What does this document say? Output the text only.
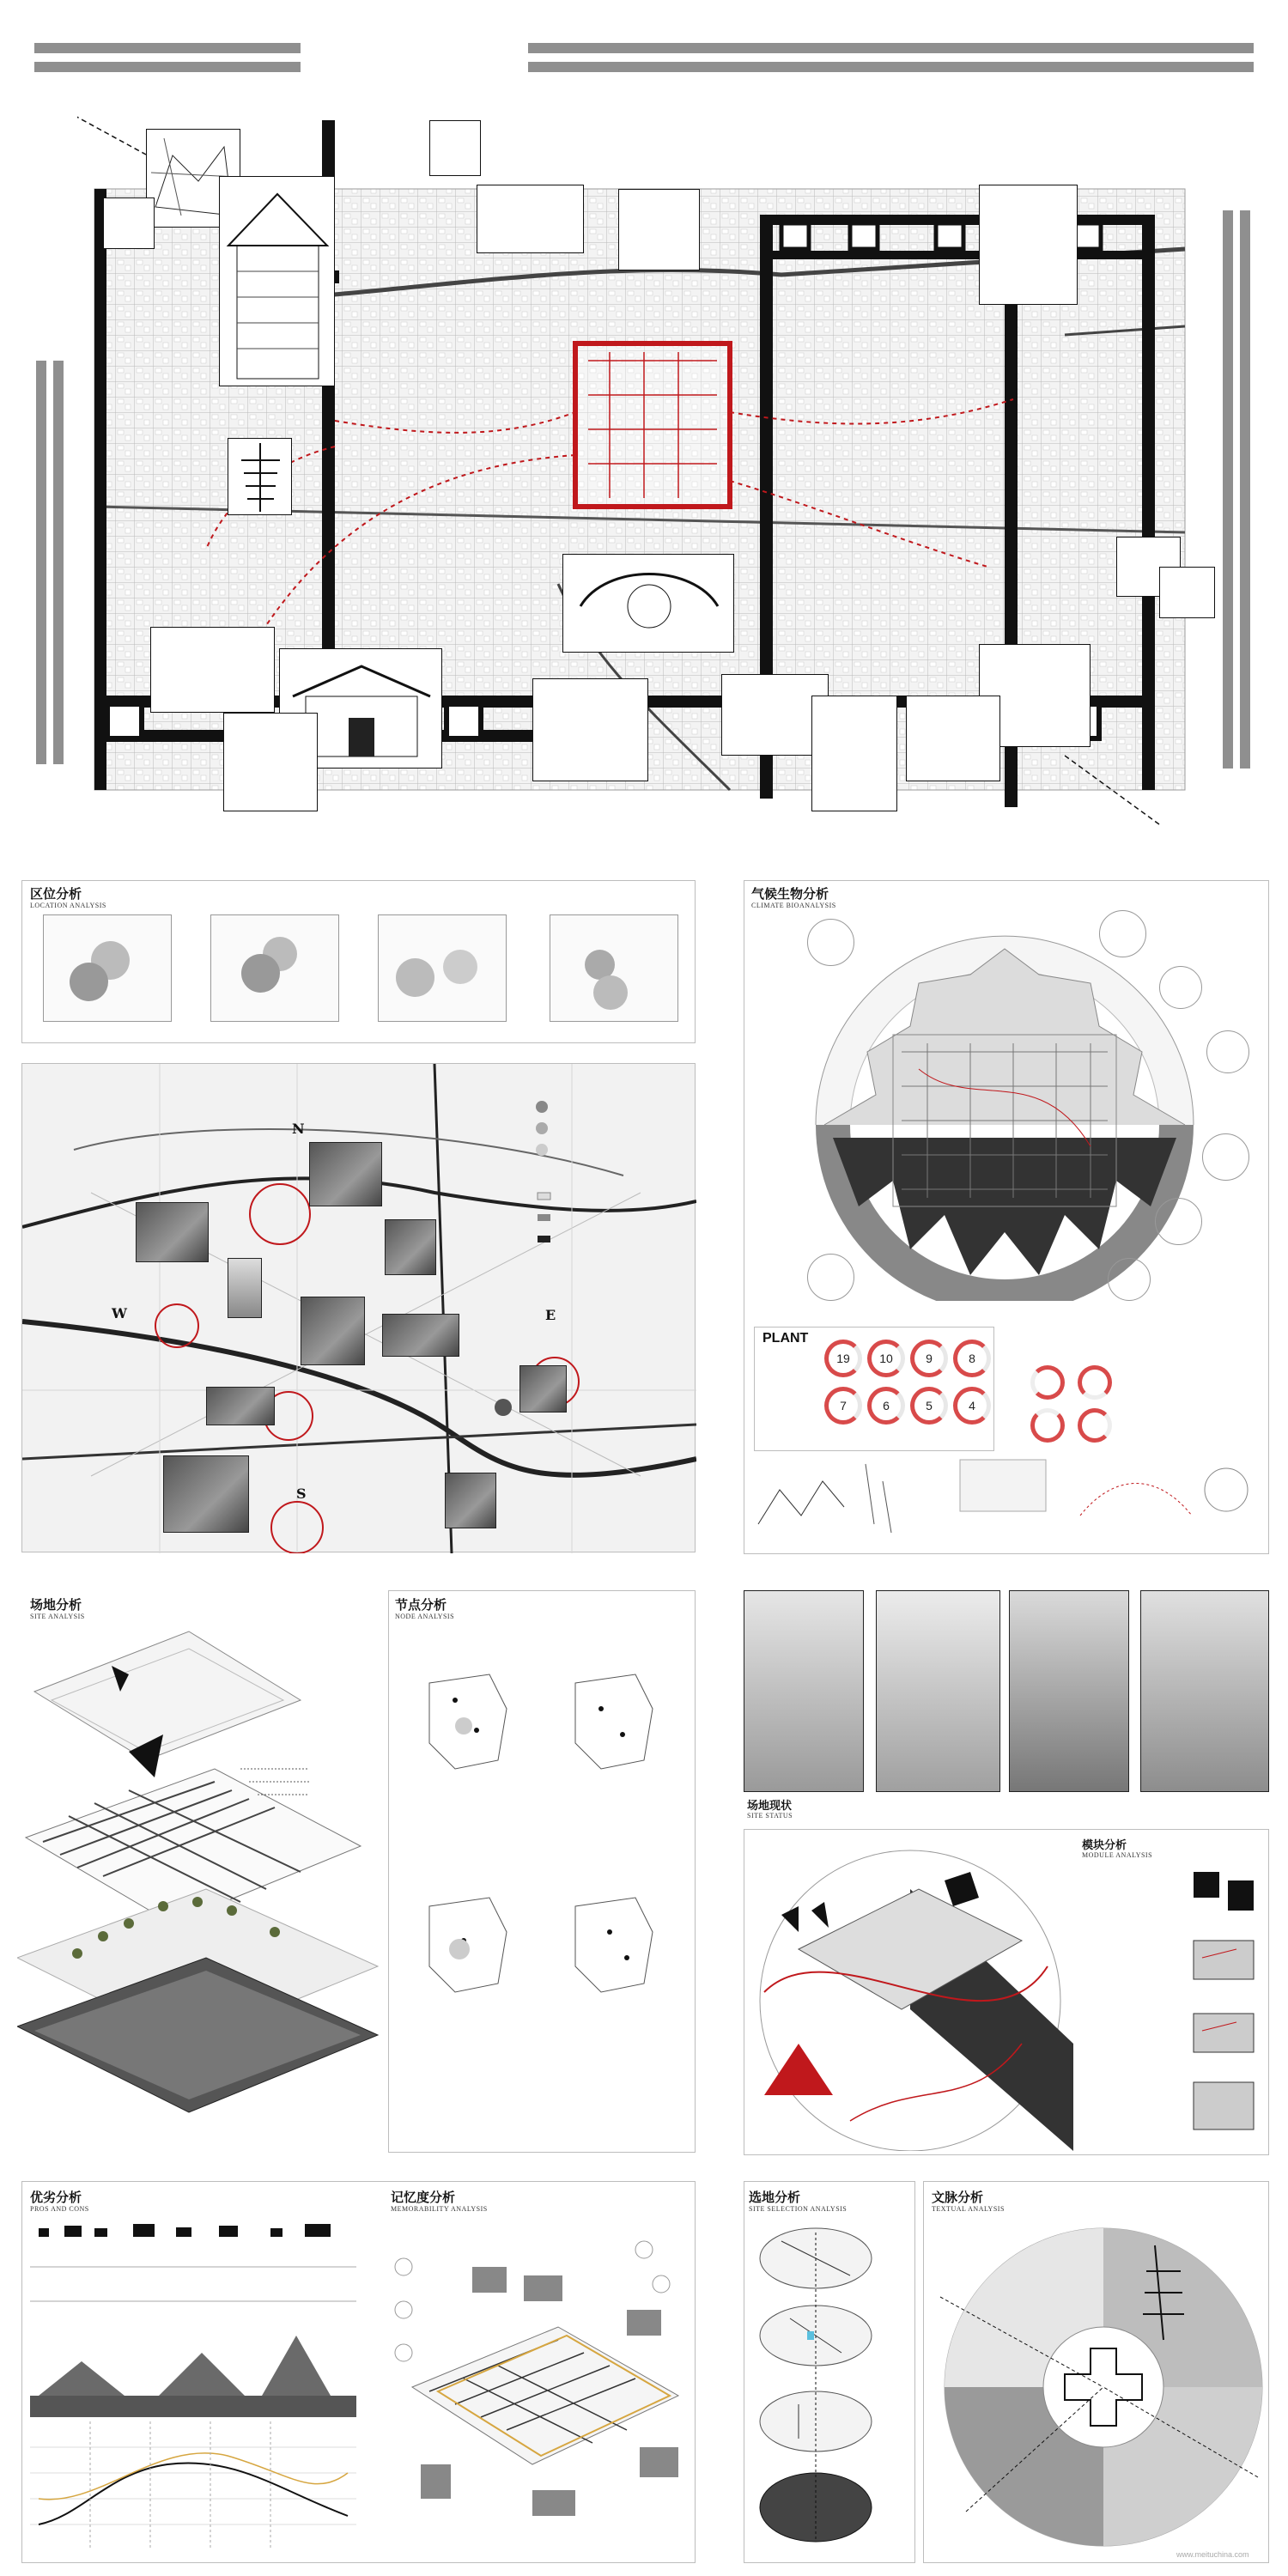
区位分析
LOCATION ANALYSIS
N
W	E
S
气候生物分析
CLIMATE BIOANALYSIS
PLANT
19	10	9	8
7	6	5	4
场地分析
SITE ANALYSIS
节点分析
NODE ANALYSIS
场地现状
SITE STATUS
模块分析
MODULE ANALYSIS
优劣分析
PROS AND CONS
记忆度分析
MEMORABILITY ANALYSIS
选地分析
SITE SELECTION ANALYSIS
文脉分析
TEXTUAL ANALYSIS
www.meituchina.com
